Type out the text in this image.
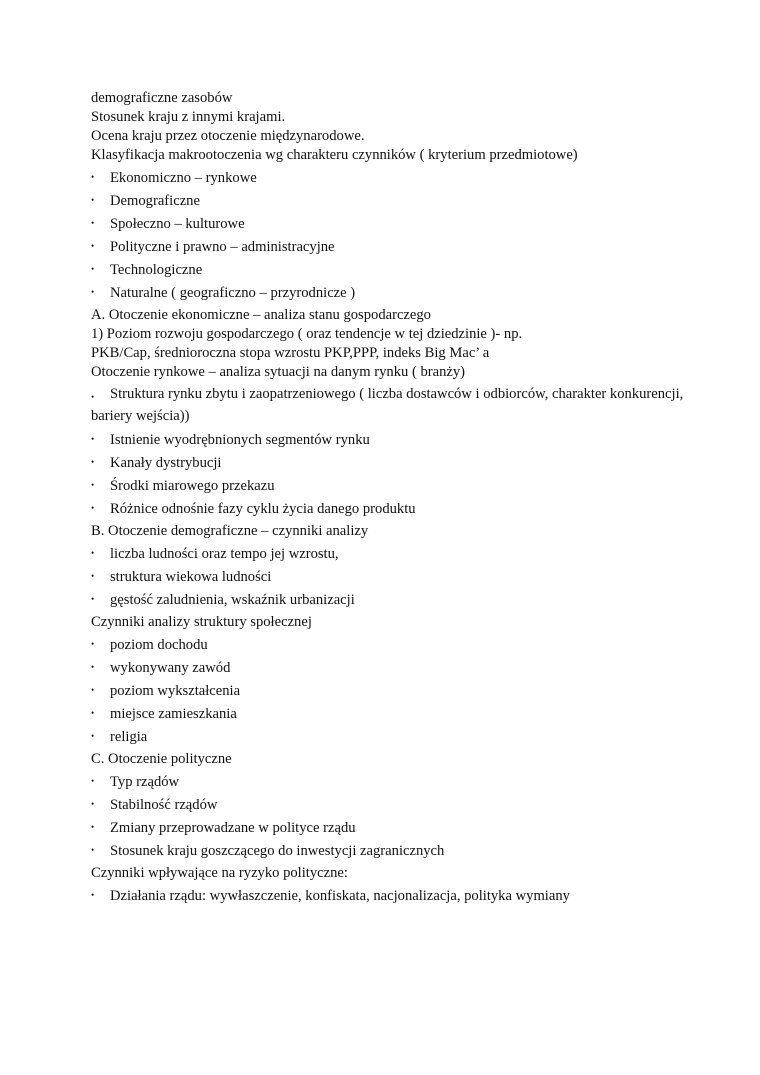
demograficzne zasobów
Stosunek kraju z innymi krajami.
Ocena kraju przez otoczenie międzynarodowe.
Klasyfikacja makrootoczenia wg charakteru czynników ( kryterium przedmiotowe)
• Ekonomiczno – rynkowe
• Demograficzne
• Społeczno – kulturowe
• Polityczne i prawno – administracyjne
• Technologiczne
• Naturalne ( geograficzno – przyrodnicze )
A. Otoczenie ekonomiczne – analiza stanu gospodarczego
1) Poziom rozwoju gospodarczego ( oraz tendencje w tej dziedzinie )- np.
PKB/Cap, średnioroczna stopa wzrostu PKP,PPP, indeks Big Mac’ a
Otoczenie rynkowe – analiza sytuacji na danym rynku ( branży)
• Struktura rynku zbytu i zaopatrzeniowego ( liczba dostawców i odbiorców, charakter konkurencji, bariery wejścia))
• Istnienie wyodrębnionych segmentów rynku
• Kanały dystrybucji
• Środki miarowego przekazu
• Różnice odnośnie fazy cyklu życia danego produktu
B. Otoczenie demograficzne – czynniki analizy
• liczba ludności oraz tempo jej wzrostu,
• struktura wiekowa ludności
• gęstość zaludnienia, wskaźnik urbanizacji
Czynniki analizy struktury społecznej
• poziom dochodu
• wykonywany zawód
• poziom wykształcenia
• miejsce zamieszkania
• religia
C. Otoczenie polityczne
• Typ rządów
• Stabilność rządów
• Zmiany przeprowadzane w polityce rządu
• Stosunek kraju goszczącego do inwestycji zagranicznych
Czynniki wpływające na ryzyko polityczne:
• Działania rządu: wywłaszczenie, konfiskata, nacjonalizacja, polityka wymiany
